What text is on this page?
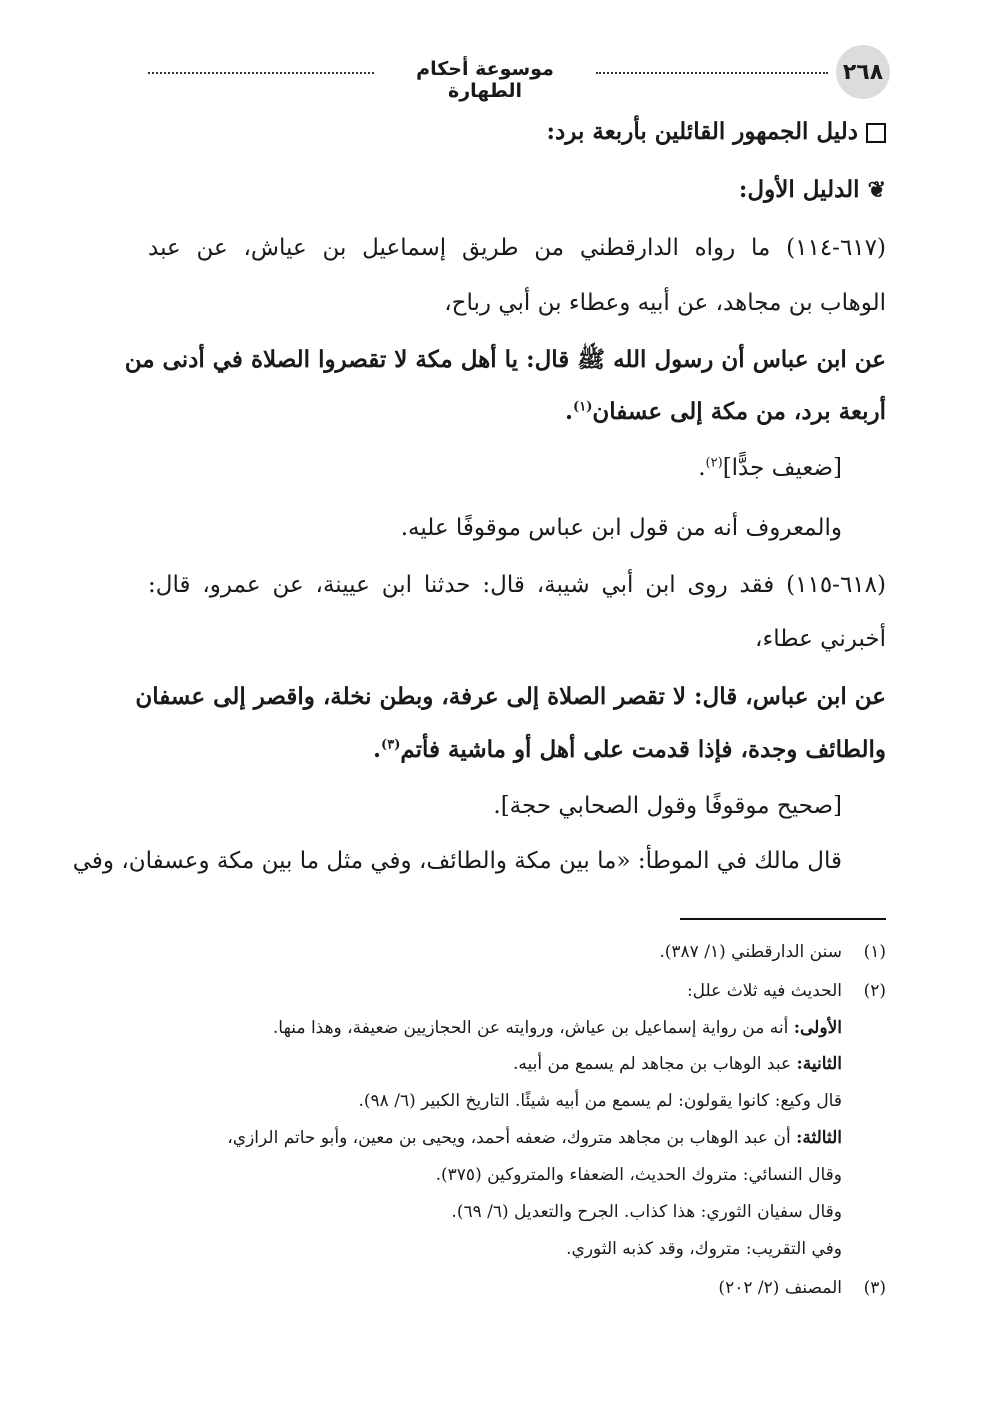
٢٦٨
موسوعة أحكام الطهارة
دليل الجمهور القائلين بأربعة برد:
❦الدليل الأول:
(٦١٧-١١٤) ما رواه الدارقطني من طريق إسماعيل بن عياش، عن عبد
الوهاب بن مجاهد، عن أبيه وعطاء بن أبي رباح،
عن ابن عباس أن رسول الله ﷺ قال: يا أهل مكة لا تقصروا الصلاة في أدنى من
أربعة برد، من مكة إلى عسفان$^{(١)}$.
[ضعيف جدًّا]$^{(٢)}$.
والمعروف أنه من قول ابن عباس موقوفًا عليه.
(٦١٨-١١٥) فقد روى ابن أبي شيبة، قال: حدثنا ابن عيينة، عن عمرو، قال:
أخبرني عطاء،
عن ابن عباس، قال: لا تقصر الصلاة إلى عرفة، وبطن نخلة، واقصر إلى عسفان
والطائف وجدة، فإذا قدمت على أهل أو ماشية فأتم$^{(٣)}$.
[صحيح موقوفًا وقول الصحابي حجة].
قال مالك في الموطأ: «ما بين مكة والطائف، وفي مثل ما بين مكة وعسفان، وفي
(١)سنن الدارقطني (١/ ٣٨٧).
(٢)الحديث فيه ثلاث علل:
الأولى: أنه من رواية إسماعيل بن عياش، وروايته عن الحجازيين ضعيفة، وهذا منها.
الثانية: عبد الوهاب بن مجاهد لم يسمع من أبيه.
قال وكيع: كانوا يقولون: لم يسمع من أبيه شيئًا. التاريخ الكبير (٦/ ٩٨).
الثالثة: أن عبد الوهاب بن مجاهد متروك، ضعفه أحمد، ويحيى بن معين، وأبو حاتم الرازي،
وقال النسائي: متروك الحديث، الضعفاء والمتروكين (٣٧٥).
وقال سفيان الثوري: هذا كذاب. الجرح والتعديل (٦/ ٦٩).
وفي التقريب: متروك، وقد كذبه الثوري.
(٣)المصنف (٢/ ٢٠٢)
